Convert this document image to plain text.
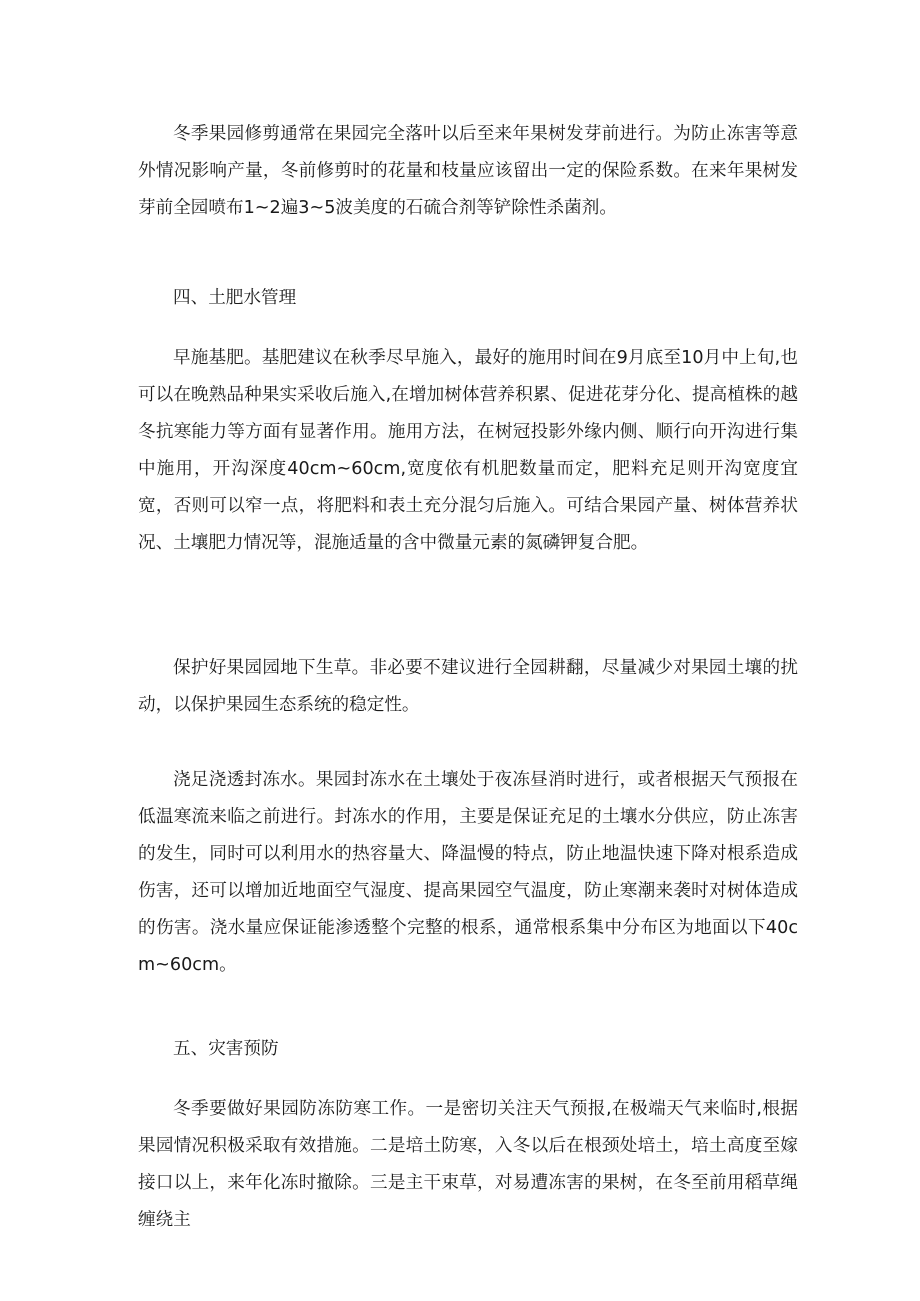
冬季果园修剪通常在果园完全落叶以后至来年果树发芽前进行。为防止冻害等意外情况影响产量，冬前修剪时的花量和枝量应该留出一定的保险系数。在来年果树发芽前全园喷布1~2遍3~5波美度的石硫合剂等铲除性杀菌剂。
四、土肥水管理
早施基肥。基肥建议在秋季尽早施入，最好的施用时间在9月底至10月中上旬,也可以在晚熟品种果实采收后施入,在增加树体营养积累、促进花芽分化、提高植株的越冬抗寒能力等方面有显著作用。施用方法，在树冠投影外缘内侧、顺行向开沟进行集中施用，开沟深度40cm~60cm,宽度依有机肥数量而定，肥料充足则开沟宽度宜宽，否则可以窄一点，将肥料和表土充分混匀后施入。可结合果园产量、树体营养状况、土壤肥力情况等，混施适量的含中微量元素的氮磷钾复合肥。
保护好果园园地下生草。非必要不建议进行全园耕翻，尽量减少对果园土壤的扰动，以保护果园生态系统的稳定性。
浇足浇透封冻水。果园封冻水在土壤处于夜冻昼消时进行，或者根据天气预报在低温寒流来临之前进行。封冻水的作用，主要是保证充足的土壤水分供应，防止冻害的发生，同时可以利用水的热容量大、降温慢的特点，防止地温快速下降对根系造成伤害，还可以增加近地面空气湿度、提高果园空气温度，防止寒潮来袭时对树体造成的伤害。浇水量应保证能渗透整个完整的根系，通常根系集中分布区为地面以下40cm~60cm。
五、灾害预防
冬季要做好果园防冻防寒工作。一是密切关注天气预报,在极端天气来临时,根据果园情况积极采取有效措施。二是培土防寒，入冬以后在根颈处培土，培土高度至嫁接口以上，来年化冻时撤除。三是主干束草，对易遭冻害的果树，在冬至前用稻草绳缠绕主
